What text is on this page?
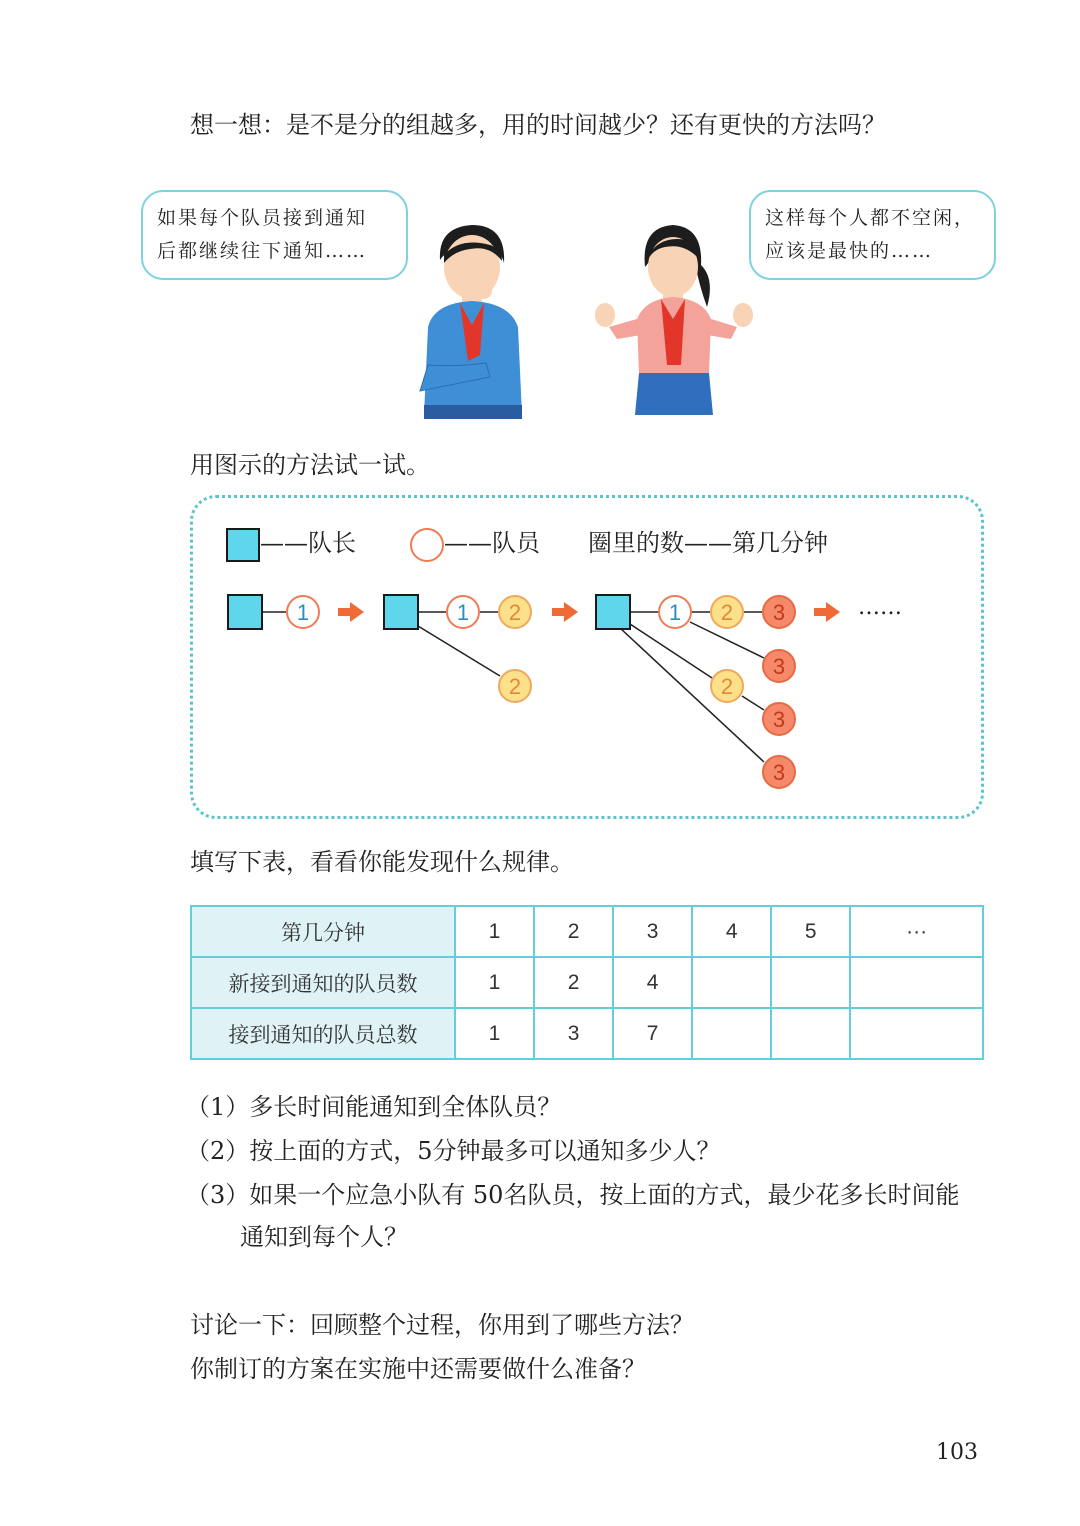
想一想：是不是分的组越多，用的时间越少？还有更快的方法吗？
如果每个队员接到通知
后都继续往下通知……
这样每个人都不空闲，
应该是最快的……
用图示的方法试一试。
——队长	——队员 圈里的数——第几分钟
1	1 2
2
1 2 3
3
2
3
3
……
填写下表，看看你能发现什么规律。
第几分钟	1	2	3	4	5	···
新接到通知的队员数	1	2	4			
接到通知的队员总数	1	3	7			
（1）多长时间能通知到全体队员？
（2）按上面的方式，5分钟最多可以通知多少人？
（3）如果一个应急小队有 50名队员，按上面的方式，最少花多长时间能
通知到每个人？
讨论一下：回顾整个过程，你用到了哪些方法？
你制订的方案在实施中还需要做什么准备？
103
